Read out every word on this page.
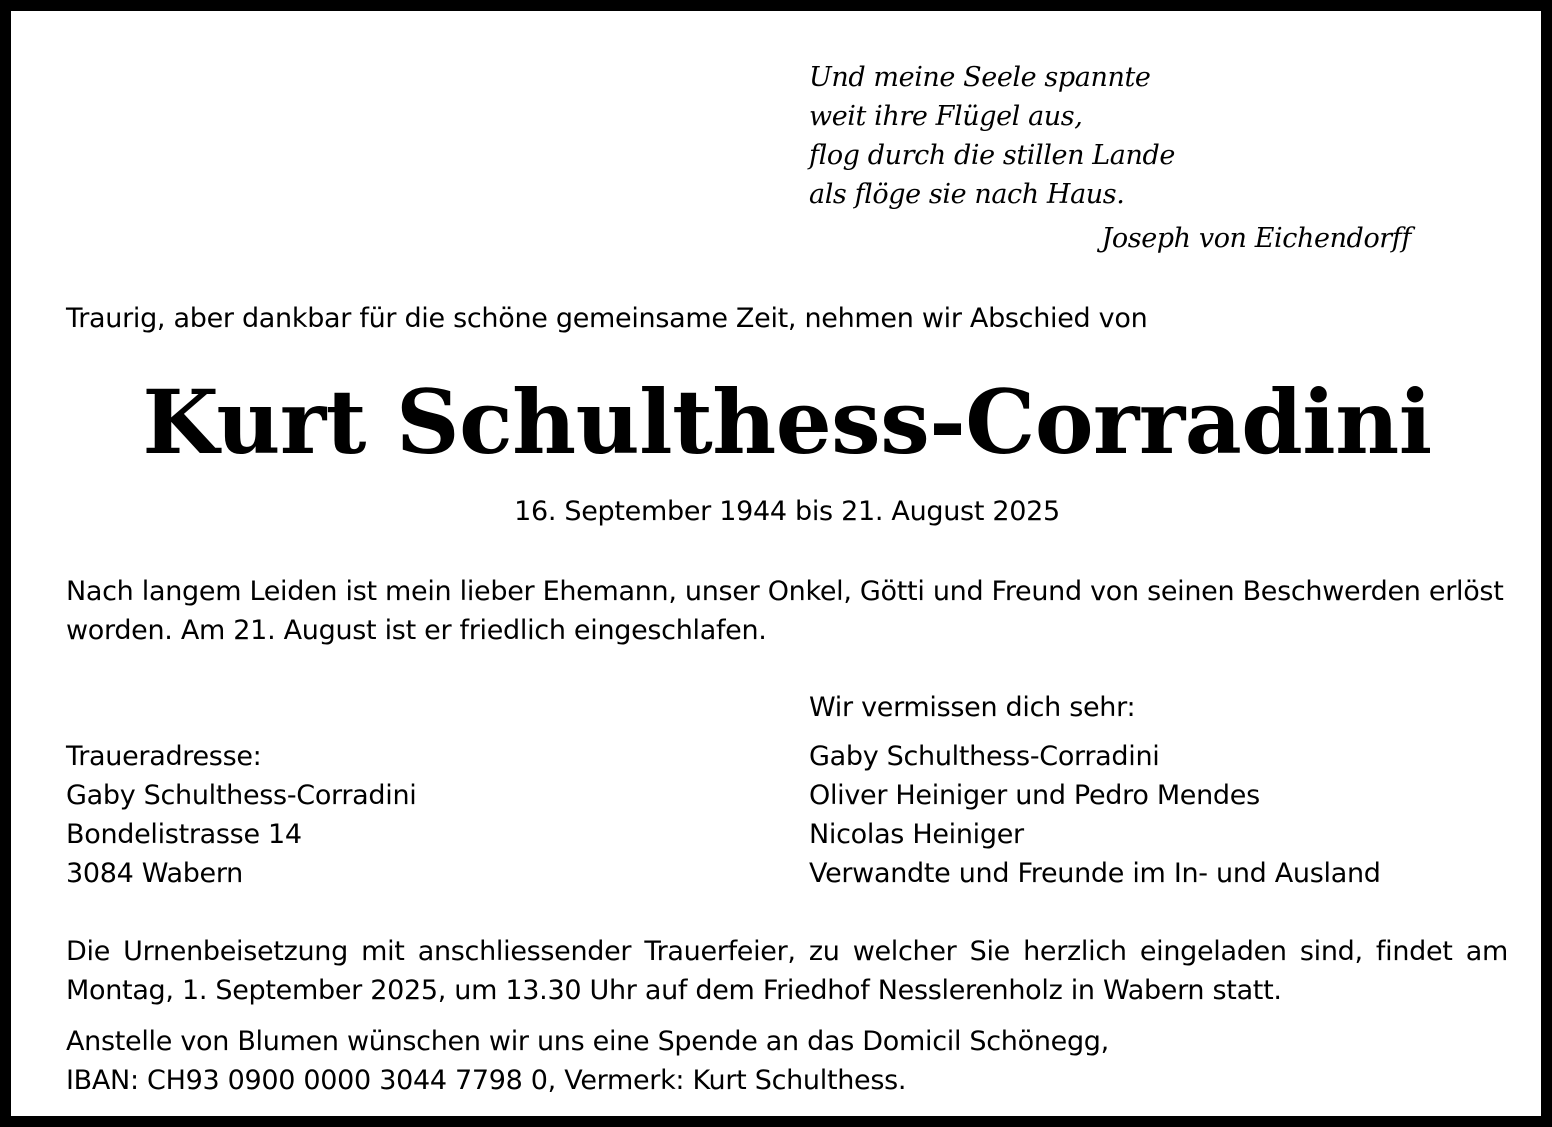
Und meine Seele spannte
weit ihre Flügel aus,
flog durch die stillen Lande
als flöge sie nach Haus.

Joseph von Eichendorff

Traurig, aber dankbar für die schöne gemeinsame Zeit, nehmen wir Abschied von

Kurt Schulthess-Corradini

16. September 1944 bis 21. August 2025

Nach langem Leiden ist mein lieber Ehemann, unser Onkel, Götti und Freund von seinen Beschwerden erlöst
worden. Am 21. August ist er friedlich eingeschlafen.

Wir vermissen dich sehr:

Traueradresse:
Gaby Schulthess-Corradini
Bondelistrasse 14
3084 Wabern
Gaby Schulthess-Corradini
Oliver Heiniger und Pedro Mendes
Nicolas Heiniger
Verwandte und Freunde im In- und Ausland
Die Urnenbeisetzung mit anschliessender Trauerfeier, zu welcher Sie herzlich eingeladen sind, findet am
Montag, 1. September 2025, um 13.30 Uhr auf dem Friedhof Nesslerenholz in Wabern statt.
Anstelle von Blumen wünschen wir uns eine Spende an das Domicil Schönegg,
IBAN: CH93 0900 0000 3044 7798 0, Vermerk: Kurt Schulthess.
